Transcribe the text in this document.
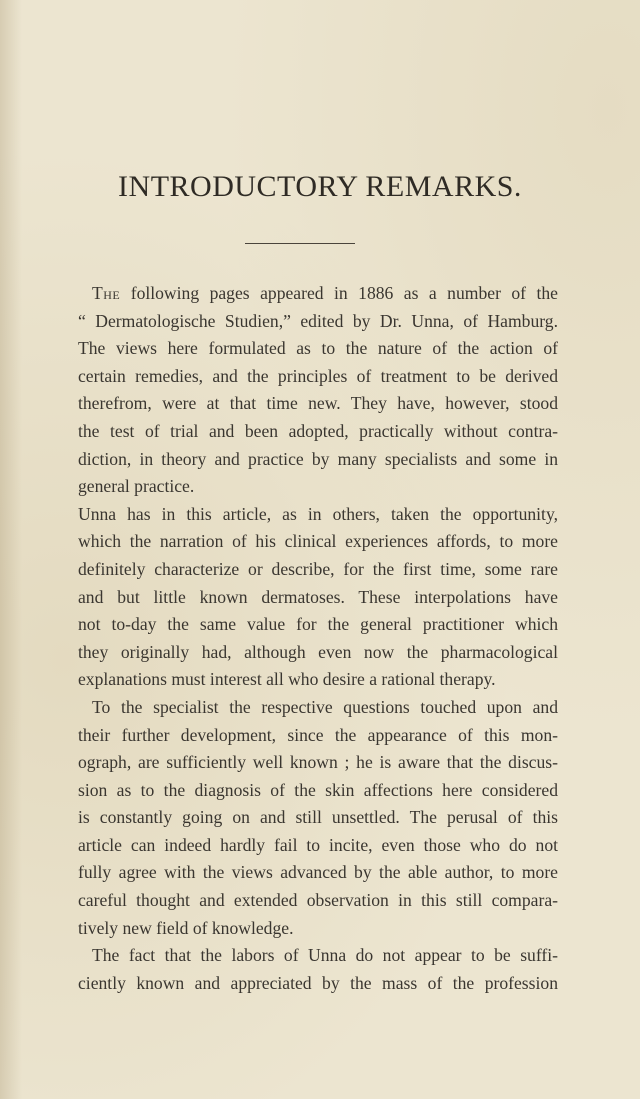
INTRODUCTORY REMARKS.
The following pages appeared in 1886 as a number of the
“ Dermatologische Studien,” edited by Dr. Unna, of Hamburg.
The views here formulated as to the nature of the action of
certain remedies, and the principles of treatment to be derived
therefrom, were at that time new. They have, however, stood
the test of trial and been adopted, practically without contra-
diction, in theory and practice by many specialists and some in
general practice.
Unna has in this article, as in others, taken the opportunity,
which the narration of his clinical experiences affords, to more
definitely characterize or describe, for the first time, some rare
and but little known dermatoses. These interpolations have
not to-day the same value for the general practitioner which
they originally had, although even now the pharmacological
explanations must interest all who desire a rational therapy.
To the specialist the respective questions touched upon and
their further development, since the appearance of this mon-
ograph, are sufficiently well known ; he is aware that the discus-
sion as to the diagnosis of the skin affections here considered
is constantly going on and still unsettled. The perusal of this
article can indeed hardly fail to incite, even those who do not
fully agree with the views advanced by the able author, to more
careful thought and extended observation in this still compara-
tively new field of knowledge.
The fact that the labors of Unna do not appear to be suffi-
ciently known and appreciated by the mass of the profession
